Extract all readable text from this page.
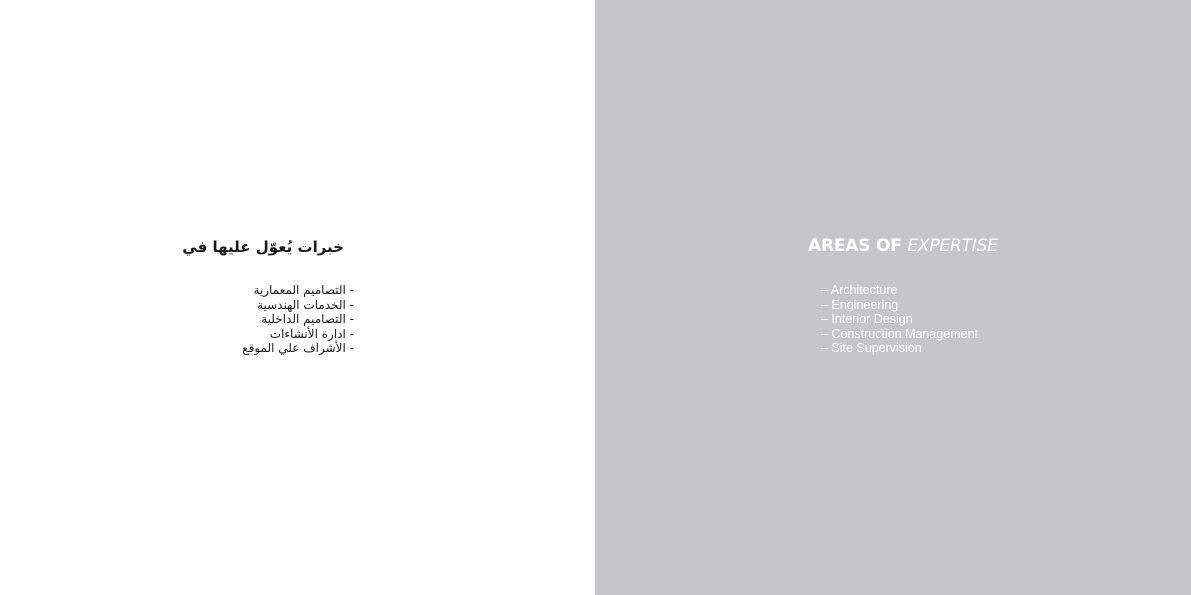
خبرات يُعوّل عليها في
- التصاميم المعمارية
- الخدمات الهندسية
- التصاميم الداخلية
- ادارة الأنشاءات
- الأشراف علي الموقع
AREAS OF EXPERTISE
– Architecture
– Engineering
– Interior Design
– Construction Management
– Site Supervision
